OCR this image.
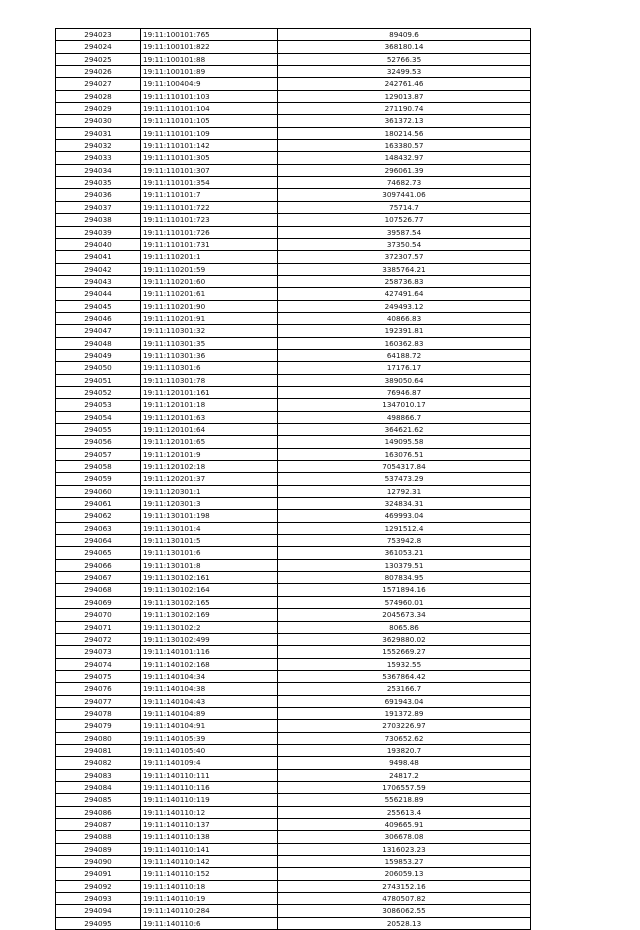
294023	19:11:100101:765	89409.6
294024	19:11:100101:822	368180.14
294025	19:11:100101:88	52766.35
294026	19:11:100101:89	32499.53
294027	19:11:100404:9	242761.46
294028	19:11:110101:103	129013.87
294029	19:11:110101:104	271190.74
294030	19:11:110101:105	361372.13
294031	19:11:110101:109	180214.56
294032	19:11:110101:142	163380.57
294033	19:11:110101:305	148432.97
294034	19:11:110101:307	296061.39
294035	19:11:110101:354	74682.73
294036	19:11:110101:7	3097441.06
294037	19:11:110101:722	75714.7
294038	19:11:110101:723	107526.77
294039	19:11:110101:726	39587.54
294040	19:11:110101:731	37350.54
294041	19:11:110201:1	372307.57
294042	19:11:110201:59	3385764.21
294043	19:11:110201:60	258736.83
294044	19:11:110201:61	427491.64
294045	19:11:110201:90	249493.12
294046	19:11:110201:91	40866.83
294047	19:11:110301:32	192391.81
294048	19:11:110301:35	160362.83
294049	19:11:110301:36	64188.72
294050	19:11:110301:6	17176.17
294051	19:11:110301:78	389050.64
294052	19:11:120101:161	76946.87
294053	19:11:120101:18	1347010.17
294054	19:11:120101:63	498866.7
294055	19:11:120101:64	364621.62
294056	19:11:120101:65	149095.58
294057	19:11:120101:9	163076.51
294058	19:11:120102:18	7054317.84
294059	19:11:120201:37	537473.29
294060	19:11:120301:1	12792.31
294061	19:11:120301:3	324834.31
294062	19:11:130101:198	469993.04
294063	19:11:130101:4	1291512.4
294064	19:11:130101:5	753942.8
294065	19:11:130101:6	361053.21
294066	19:11:130101:8	130379.51
294067	19:11:130102:161	807834.95
294068	19:11:130102:164	1571894.16
294069	19:11:130102:165	574960.01
294070	19:11:130102:169	2045673.34
294071	19:11:130102:2	8065.86
294072	19:11:130102:499	3629880.02
294073	19:11:140101:116	1552669.27
294074	19:11:140102:168	15932.55
294075	19:11:140104:34	5367864.42
294076	19:11:140104:38	253166.7
294077	19:11:140104:43	691943.04
294078	19:11:140104:89	191372.89
294079	19:11:140104:91	2703226.97
294080	19:11:140105:39	730652.62
294081	19:11:140105:40	193820.7
294082	19:11:140109:4	9498.48
294083	19:11:140110:111	24817.2
294084	19:11:140110:116	1706557.59
294085	19:11:140110:119	556218.89
294086	19:11:140110:12	255613.4
294087	19:11:140110:137	409665.91
294088	19:11:140110:138	306678.08
294089	19:11:140110:141	1316023.23
294090	19:11:140110:142	159853.27
294091	19:11:140110:152	206059.13
294092	19:11:140110:18	2743152.16
294093	19:11:140110:19	4780507.82
294094	19:11:140110:284	3086062.55
294095	19:11:140110:6	20528.13
